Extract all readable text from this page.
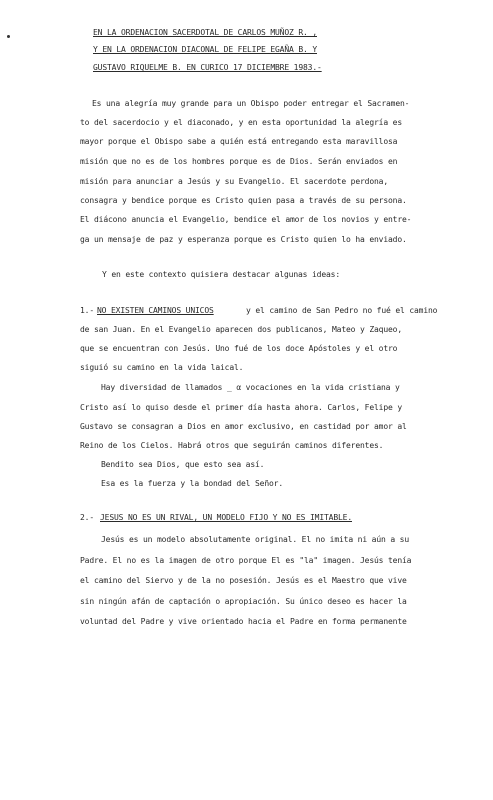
EN LA ORDENACION SACERDOTAL DE CARLOS MUÑOZ R. ,
Y EN LA ORDENACION DIACONAL DE FELIPE EGAÑA B. Y
GUSTAVO RIQUELME B. EN CURICO 17 DICIEMBRE 1983.-
Es una alegría muy grande para un Obispo poder entregar el Sacramen-
to del sacerdocio y el diaconado, y en esta oportunidad la alegría es
mayor porque el Obispo sabe a quién está entregando esta maravillosa
misión que no es de los hombres porque es de Dios. Serán enviados en
misión para anunciar a Jesús y su Evangelio. El sacerdote perdona,
consagra y bendice porque es Cristo quien pasa a través de su persona.
El diácono anuncia el Evangelio, bendice el amor de los novios y entre-
ga un mensaje de paz y esperanza porque es Cristo quien lo ha enviado.
Y en este contexto quisiera destacar algunas ideas:
1.- NO EXISTEN CAMINOS UNICOS	y el camino de San Pedro no fué el camino
de san Juan. En el Evangelio aparecen dos publicanos, Mateo y Zaqueo,
que se encuentran con Jesús. Uno fué de los doce Apóstoles y el otro
siguió su camino en la vida laical.
Hay diversidad de llamados _ α vocaciones en la vida cristiana y
Cristo así lo quiso desde el primer día hasta ahora. Carlos, Felipe y
Gustavo se consagran a Dios en amor exclusivo, en castidad por amor al
Reino de los Cielos. Habrá otros que seguirán caminos diferentes.
Bendito sea Dios, que esto sea así.
Esa es la fuerza y la bondad del Señor.
2.- JESUS NO ES UN RIVAL, UN MODELO FIJO Y NO ES IMITABLE.
Jesús es un modelo absolutamente original. El no imita ni aún a su
Padre. El no es la imagen de otro porque El es "la" imagen. Jesús tenía
el camino del Siervo y de la no posesión. Jesús es el Maestro que vive
sin ningún afán de captación o apropiación. Su único deseo es hacer la
voluntad del Padre y vive orientado hacia el Padre en forma permanente
